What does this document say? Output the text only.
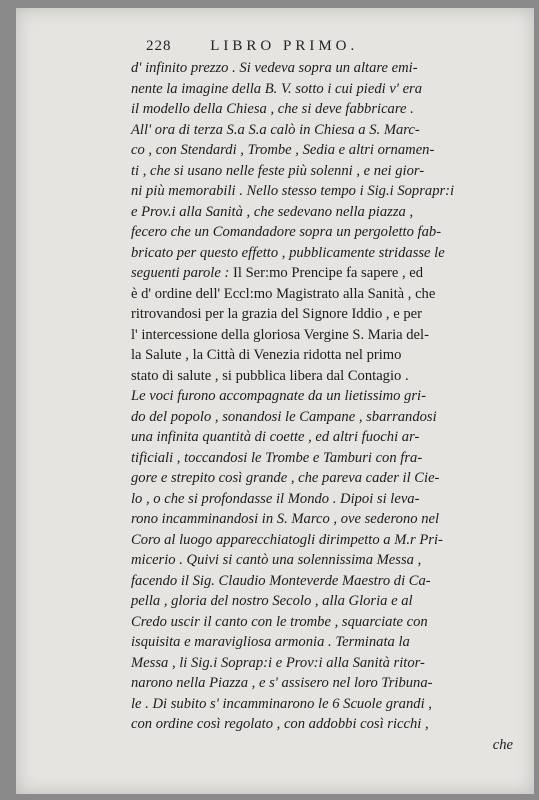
228	LIBRO PRIMO.
d' infinito prezzo . Si vedeva sopra un altare emi-
nente la imagine della B. V. sotto i cui piedi v' era
il modello della Chiesa , che si deve fabbricare .
All' ora di terza S.a S.a calò in Chiesa a S. Marc-
co , con Stendardi , Trombe , Sedia e altri ornamen-
ti , che si usano nelle feste più solenni , e nei gior-
ni più memorabili . Nello stesso tempo i Sig.i Soprapr:i
e Prov.i alla Sanità , che sedevano nella piazza ,
fecero che un Comandadore sopra un pergoletto fab-
bricato per questo effetto , pubblicamente stridasse le
seguenti parole : Il Ser:mo Prencipe fa sapere , ed
è d' ordine dell' Eccl:mo Magistrato alla Sanità , che
ritrovandosi per la grazia del Signore Iddio , e per
l' intercessione della gloriosa Vergine S. Maria del-
la Salute , la Città di Venezia ridotta nel primo
stato di salute , si pubblica libera dal Contagio .
Le voci furono accompagnate da un lietissimo gri-
do del popolo , sonandosi le Campane , sbarrandosi
una infinita quantità di coette , ed altri fuochi ar-
tificiali , toccandosi le Trombe e Tamburi con fra-
gore e strepito così grande , che pareva cader il Cie-
lo , o che si profondasse il Mondo . Dipoi si leva-
rono incamminandosi in S. Marco , ove sederono nel
Coro al luogo apparecchiatogli dirimpetto a M.r Pri-
micerio . Quivi si cantò una solennissima Messa ,
facendo il Sig. Claudio Monteverde Maestro di Ca-
pella , gloria del nostro Secolo , alla Gloria e al
Credo uscir il canto con le trombe , squarciate con
isquisita e maravigliosa armonia . Terminata la
Messa , li Sig.i Soprap:i e Prov:i alla Sanità ritor-
narono nella Piazza , e s' assisero nel loro Tribuna-
le . Di subito s' incamminarono le 6 Scuole grandi ,
con ordine così regolato , con addobbi così ricchi ,
che
